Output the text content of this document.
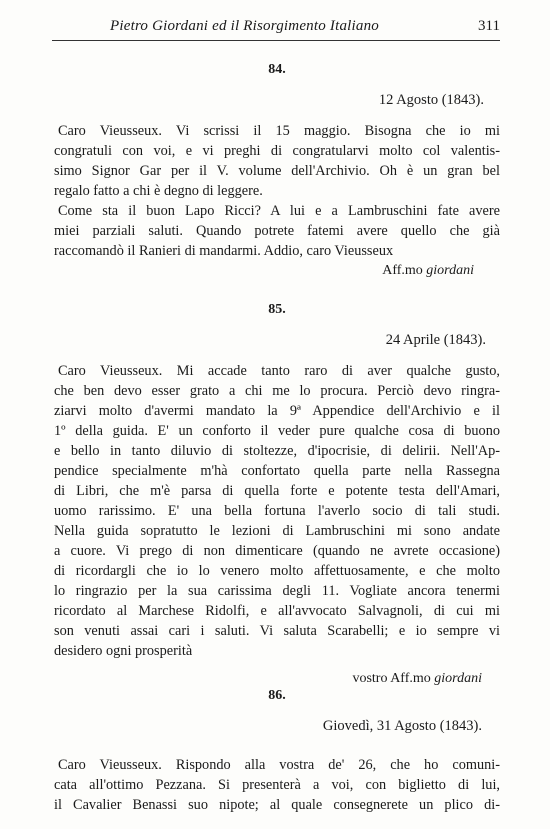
Pietro Giordani ed il Risorgimento Italiano	311
84.
12 Agosto (1843).
Caro Vieusseux. Vi scrissi il 15 maggio. Bisogna che io mi
congratuli con voi, e vi preghi di congratularvi molto col valentis-
simo Signor Gar per il V. volume dell'Archivio. Oh è un gran bel
regalo fatto a chi è degno di leggere.
Come sta il buon Lapo Ricci? A lui e a Lambruschini fate avere
miei parziali saluti. Quando potrete fatemi avere quello che già
raccomandò il Ranieri di mandarmi. Addio, caro Vieusseux
Aff.mo giordani
85.
24 Aprile (1843).
Caro Vieusseux. Mi accade tanto raro di aver qualche gusto,
che ben devo esser grato a chi me lo procura. Perciò devo ringra-
ziarvi molto d'avermi mandato la 9ª Appendice dell'Archivio e il
1º della guida. E' un conforto il veder pure qualche cosa di buono
e bello in tanto diluvio di stoltezze, d'ipocrisie, di delirii. Nell'Ap-
pendice specialmente m'hà confortato quella parte nella Rassegna
di Libri, che m'è parsa di quella forte e potente testa dell'Amari,
uomo rarissimo. E' una bella fortuna l'averlo socio di tali studi.
Nella guida sopratutto le lezioni di Lambruschini mi sono andate
a cuore. Vi prego di non dimenticare (quando ne avrete occasione)
di ricordargli che io lo venero molto affettuosamente, e che molto
lo ringrazio per la sua carissima degli 11. Vogliate ancora tenermi
ricordato al Marchese Ridolfi, e all'avvocato Salvagnoli, di cui mi
son venuti assai cari i saluti. Vi saluta Scarabelli; e io sempre vi
desidero ogni prosperità
vostro Aff.mo giordani
86.
Giovedì, 31 Agosto (1843).
Caro Vieusseux. Rispondo alla vostra de' 26, che ho comuni-
cata all'ottimo Pezzana. Si presenterà a voi, con biglietto di lui,
il Cavalier Benassi suo nipote; al quale consegnerete un plico di-
